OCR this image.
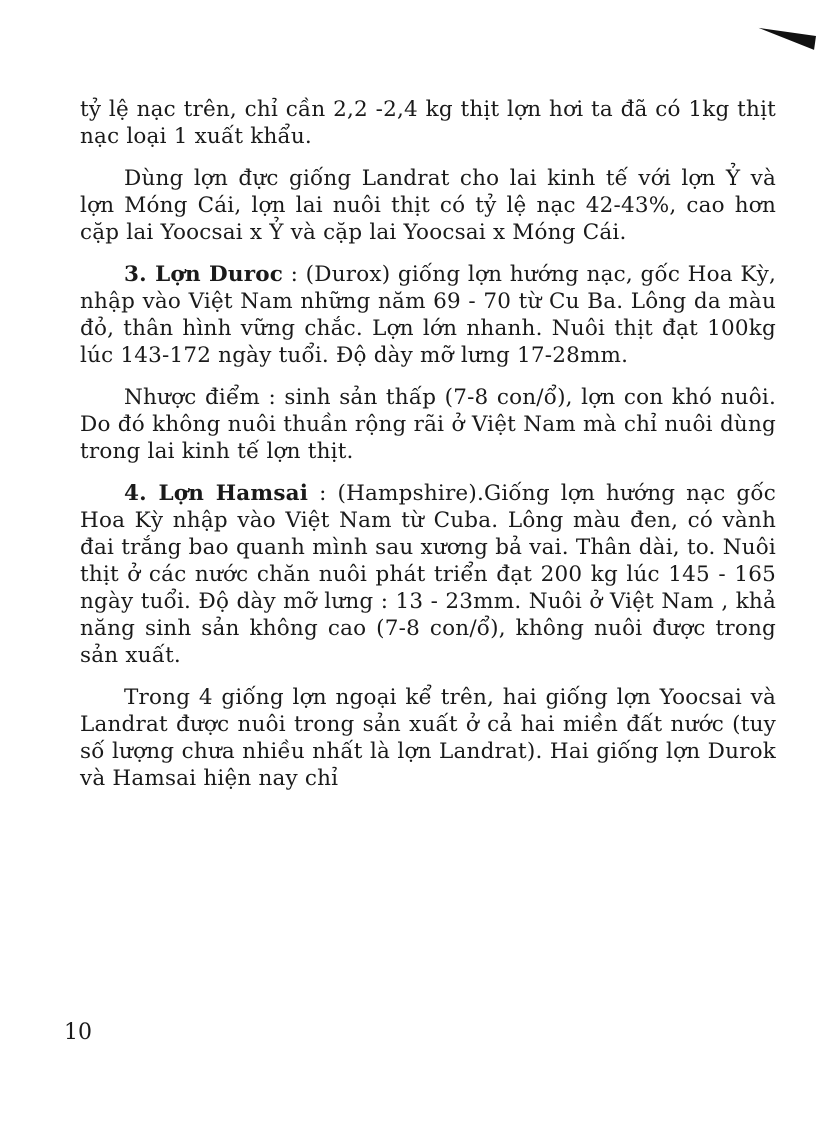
tỷ lệ nạc trên, chỉ cần 2,2 -2,4 kg thịt lợn hơi ta đã có 1kg thịt nạc loại 1 xuất khẩu.

Dùng lợn đực giống Landrat cho lai kinh tế với lợn Ỷ và lợn Móng Cái, lợn lai nuôi thịt có tỷ lệ nạc 42-43%, cao hơn cặp lai Yoocsai x Ỷ và cặp lai Yoocsai x Móng Cái.

3. Lợn Duroc : (Durox) giống lợn hướng nạc, gốc Hoa Kỳ, nhập vào Việt Nam những năm 69 - 70 từ Cu Ba. Lông da màu đỏ, thân hình vững chắc. Lợn lớn nhanh. Nuôi thịt đạt 100kg lúc 143-172 ngày tuổi. Độ dày mỡ lưng 17-28mm.

Nhược điểm : sinh sản thấp (7-8 con/ổ), lợn con khó nuôi. Do đó không nuôi thuần rộng rãi ở Việt Nam mà chỉ nuôi dùng trong lai kinh tế lợn thịt.

4. Lợn Hamsai : (Hampshire).Giống lợn hướng nạc gốc Hoa Kỳ nhập vào Việt Nam từ Cuba. Lông màu đen, có vành đai trắng bao quanh mình sau xương bả vai. Thân dài, to. Nuôi thịt ở các nước chăn nuôi phát triển đạt 200 kg lúc 145 - 165 ngày tuổi. Độ dày mỡ lưng : 13 - 23mm. Nuôi ở Việt Nam , khả năng sinh sản không cao (7-8 con/ổ), không nuôi được trong sản xuất.

Trong 4 giống lợn ngoại kể trên, hai giống lợn Yoocsai và Landrat được nuôi trong sản xuất ở cả hai miền đất nước (tuy số lượng chưa nhiều nhất là lợn Landrat). Hai giống lợn Durok và Hamsai hiện nay chỉ

10
